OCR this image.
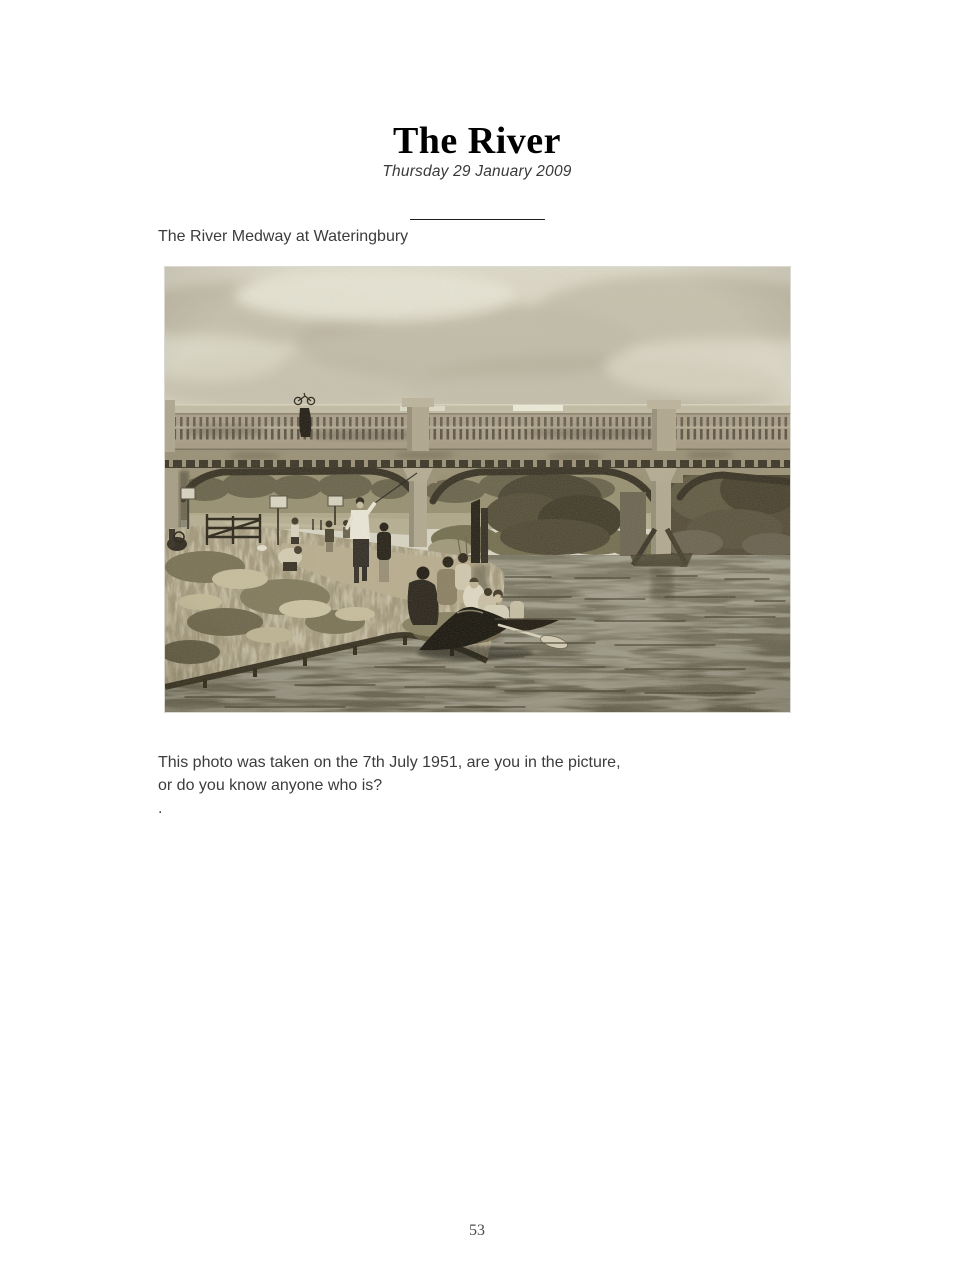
The River
Thursday 29 January 2009
The River Medway at Wateringbury

This photo was taken on the 7th July 1951, are you in the picture,

or do you know anyone who is?

.

53
